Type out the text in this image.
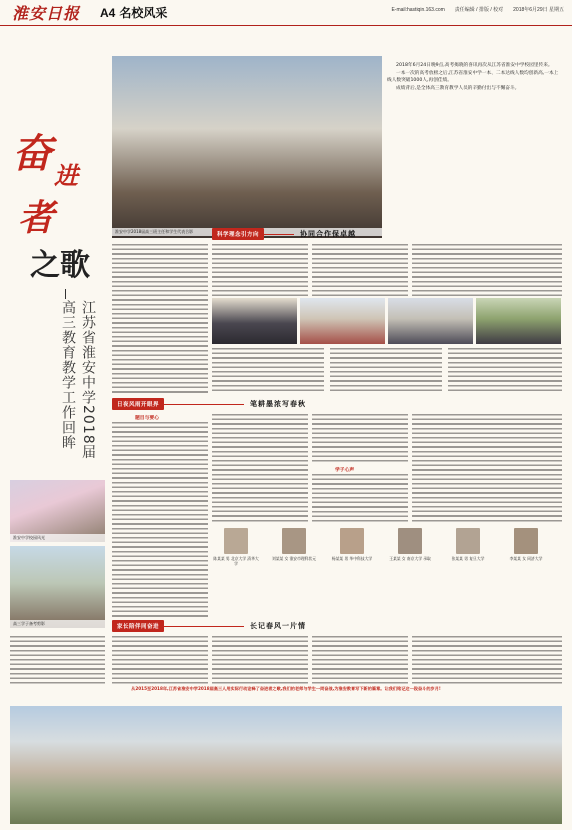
淮安日报	A4 名校风采	E-mail:hastiqin.163.com 责任编辑 / 排版 / 校对 2018年6月29日 星期五
奋 进
者
之歌
江苏省淮安中学2018届高三教育教学工作回眸
淮安中学校园风光
高三学子备考剪影
淮安中学2018届高三班主任和学生代表合影

2018年6月24日晚9点,高考揭晓的喜讯再次从江苏省淮安中学校园里传来。

一本一次的高考放榜之后,江苏省淮安中学一本、二本达线人数均创新高,一本上线人数突破1000人,再创佳绩。

成绩背后,是全体高三教育教学人员的辛勤付出与不懈奋斗。

科学理念引方向	协同合作保卓越
日夜风雨开眼界	笔耕墨浓写春秋
题目与要心
学子心声
陈某某 男 北京大学 清华大学
刘某某 女 淮安市理科状元	杨某某 男 华中科技大学	王某某 女 南京大学 录取	张某某 男 复旦大学	李某某 女 同济大学
家长陪伴同奋进	长记春风一片情
从2015至2018年,江苏省淮安中学2018届高三人用实际行动诠释了奋进者之歌,我们的老师与学生一同奋战,为淮安教育写下新的篇章。让我们铭记这一段奋斗的岁月!
